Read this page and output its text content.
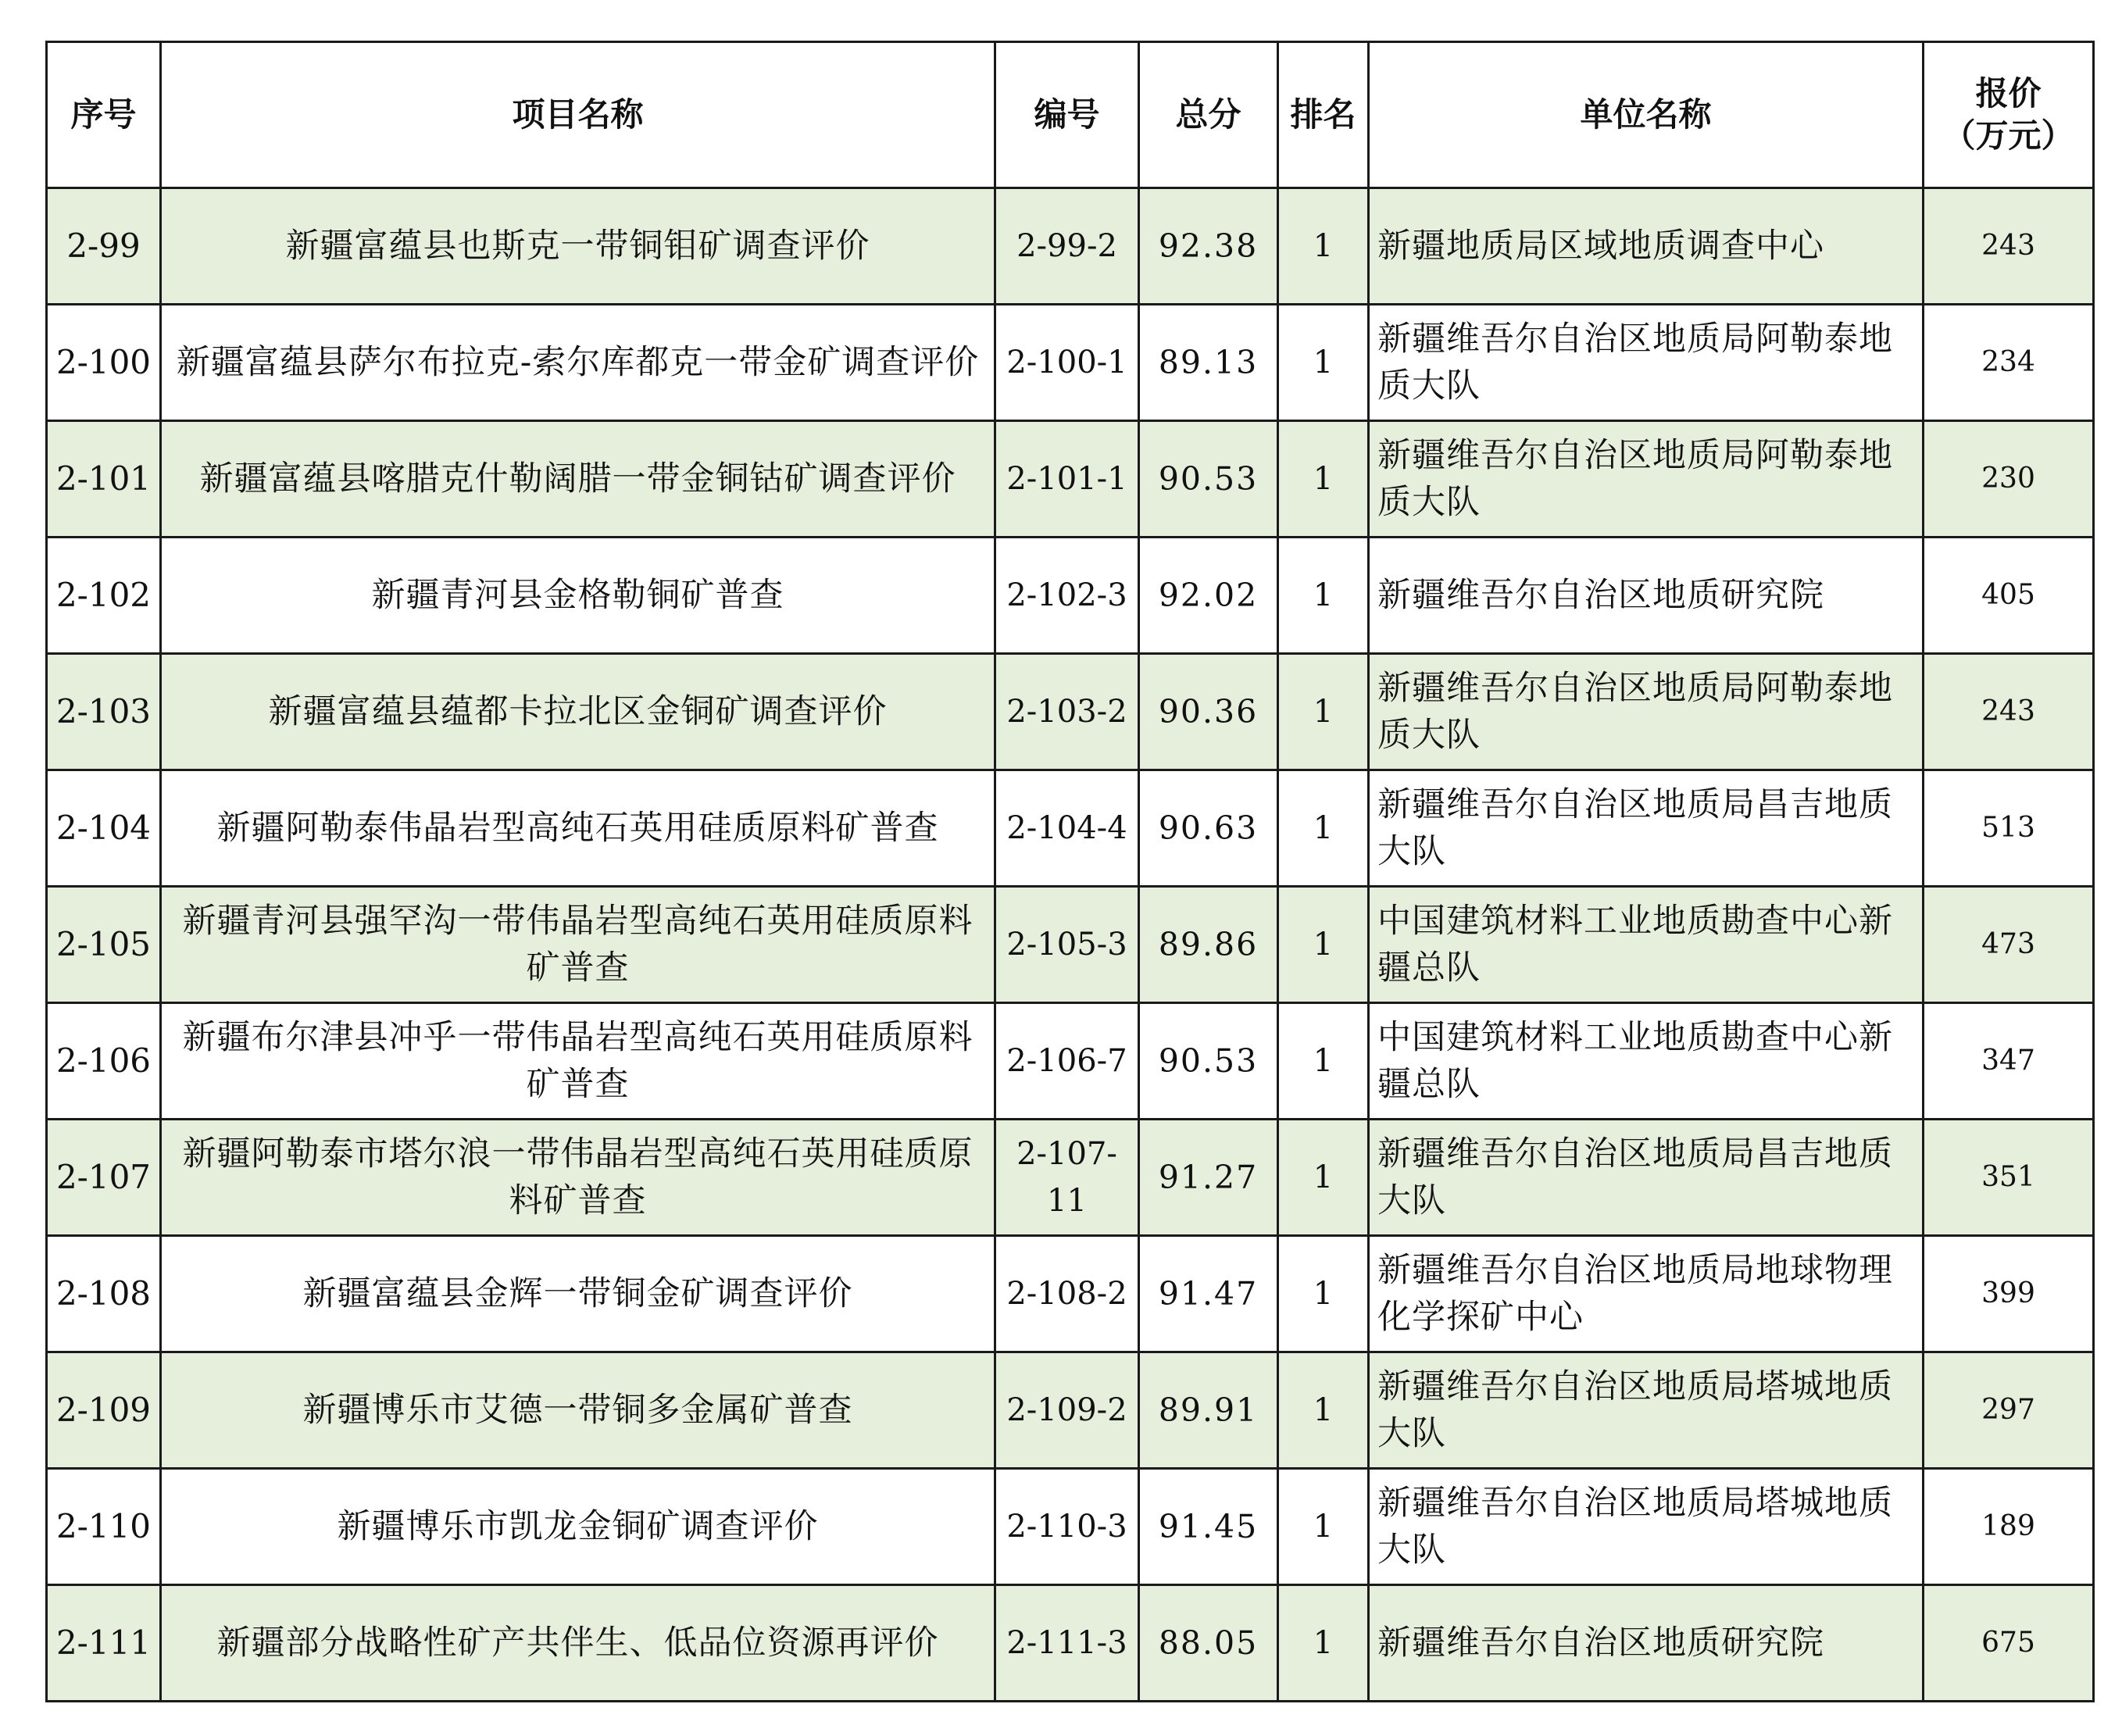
序号	项目名称	编号	总分	排名	单位名称	报价
（万元）

2-99	新疆富蕴县也斯克一带铜钼矿调查评价	2-99-2	92.38	1	新疆地质局区域地质调查中心	243
2-100	新疆富蕴县萨尔布拉克-索尔库都克一带金矿调查评价	2-100-1	89.13	1	新疆维吾尔自治区地质局阿勒泰地质大队	234
2-101	新疆富蕴县喀腊克什勒阔腊一带金铜钴矿调查评价	2-101-1	90.53	1	新疆维吾尔自治区地质局阿勒泰地质大队	230
2-102	新疆青河县金格勒铜矿普查	2-102-3	92.02	1	新疆维吾尔自治区地质研究院	405
2-103	新疆富蕴县蕴都卡拉北区金铜矿调查评价	2-103-2	90.36	1	新疆维吾尔自治区地质局阿勒泰地质大队	243
2-104	新疆阿勒泰伟晶岩型高纯石英用硅质原料矿普查	2-104-4	90.63	1	新疆维吾尔自治区地质局昌吉地质大队	513
2-105	新疆青河县强罕沟一带伟晶岩型高纯石英用硅质原料矿普查	2-105-3	89.86	1	中国建筑材料工业地质勘查中心新疆总队	473
2-106	新疆布尔津县冲乎一带伟晶岩型高纯石英用硅质原料矿普查	2-106-7	90.53	1	中国建筑材料工业地质勘查中心新疆总队	347
2-107	新疆阿勒泰市塔尔浪一带伟晶岩型高纯石英用硅质原料矿普查	2-107-11	91.27	1	新疆维吾尔自治区地质局昌吉地质大队	351
2-108	新疆富蕴县金辉一带铜金矿调查评价	2-108-2	91.47	1	新疆维吾尔自治区地质局地球物理化学探矿中心	399
2-109	新疆博乐市艾德一带铜多金属矿普查	2-109-2	89.91	1	新疆维吾尔自治区地质局塔城地质大队	297
2-110	新疆博乐市凯龙金铜矿调查评价	2-110-3	91.45	1	新疆维吾尔自治区地质局塔城地质大队	189
2-111	新疆部分战略性矿产共伴生、低品位资源再评价	2-111-3	88.05	1	新疆维吾尔自治区地质研究院	675
